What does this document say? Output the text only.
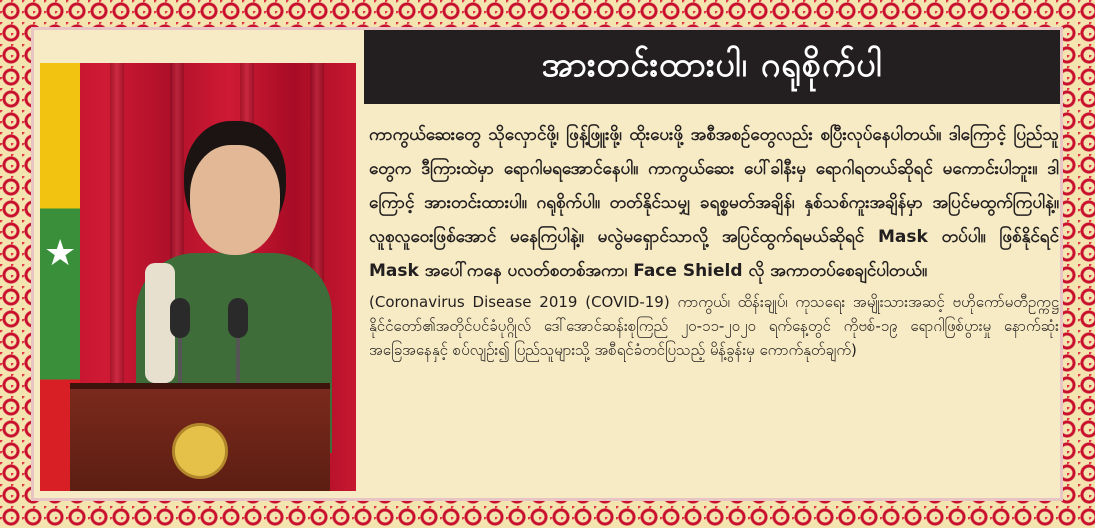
အားတင်းထားပါ၊ ဂရုစိုက်ပါ
★

ကာကွယ်ဆေးတွေ သိုလှောင်ဖို့၊ ဖြန့်ဖြူးဖို့၊ ထိုးပေးဖို့ အစီအစဉ်တွေလည်း စပြီးလုပ်နေပါတယ်။ ဒါကြောင့် ပြည်သူတွေက ဒီကြားထဲမှာ ရောဂါမရအောင်နေပါ။ ကာကွယ်ဆေး ပေါ်ခါနီးမှ ရောဂါရတယ်ဆိုရင် မကောင်းပါဘူး။ ဒါကြောင့် အားတင်းထားပါ။ ဂရုစိုက်ပါ။ တတ်နိုင်သမျှ ခရစ္စမတ်အချိန်၊ နှစ်သစ်ကူးအချိန်မှာ အပြင်မထွက်ကြပါနဲ့။ လူစုလူဝေးဖြစ်အောင် မနေကြပါနဲ့။ မလွဲမရှောင်သာလို့ အပြင်ထွက်ရမယ်ဆိုရင် Mask တပ်ပါ။ ဖြစ်နိုင်ရင် Mask အပေါ်ကနေ ပလတ်စတစ်အကာ၊ Face Shield လို အကာတပ်စေချင်ပါတယ်။

(Coronavirus Disease 2019 (COVID-19) ကာကွယ်၊ ထိန်းချုပ်၊ ကုသရေး အမျိုးသားအဆင့် ဗဟိုကော်မတီဥက္ကဋ္ဌ နိုင်ငံတော်၏အတိုင်ပင်ခံပုဂ္ဂိုလ် ဒေါ်အောင်ဆန်းစုကြည် ၂၀-၁၁-၂၀၂၀ ရက်နေ့တွင် ကိုဗစ်-၁၉ ရောဂါဖြစ်ပွားမှု နောက်ဆုံးအခြေအနေနှင့် စပ်လျဉ်း၍ ပြည်သူများသို့ အစီရင်ခံတင်ပြသည့် မိန့်ခွန်းမှ ကောက်နုတ်ချက်)
